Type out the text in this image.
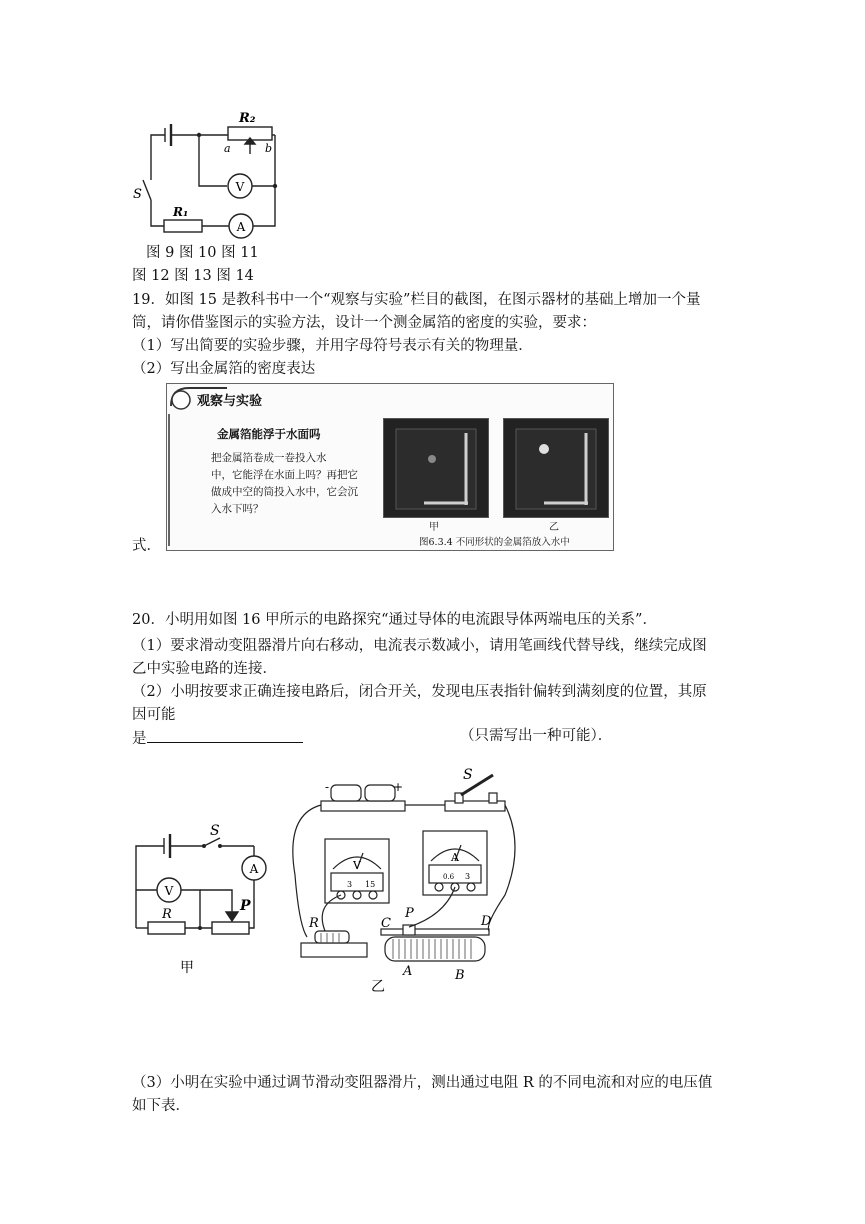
R₂
a	b
S
R₁
V
A
图 9 图 10 图 11
图 12 图 13 图 14
19．如图 15 是教科书中一个“观察与实验”栏目的截图，在图示器材的基础上增加一个量
筒，请你借鉴图示的实验方法，设计一个测金属箔的密度的实验，要求：
（1）写出简要的实验步骤，并用字母符号表示有关的物理量．
（2）写出金属箔的密度表达
观察与实验
金属箔能浮于水面吗
把金属箔卷成一卷投入水
中，它能浮在水面上吗？再把它
做成中空的筒投入水中，它会沉
入水下吗？
甲	乙
图6.3.4 不同形状的金属箔放入水中
式．
20．小明用如图 16 甲所示的电路探究“通过导体的电流跟导体两端电压的关系”．
（1）要求滑动变阻器滑片向右移动，电流表示数减小，请用笔画线代替导线，继续完成图
乙中实验电路的连接．
（2）小明按要求正确连接电路后，闭合开关，发现电压表指针偏转到满刻度的位置，其原
因可能
是	（只需写出一种可能）．
S
A
V
R
P
甲
-	+
S
V
A
3 15
0.6 3
R	C
P
D
A	B
乙
（3）小明在实验中通过调节滑动变阻器滑片，测出通过电阻 R 的不同电流和对应的电压值
如下表．
